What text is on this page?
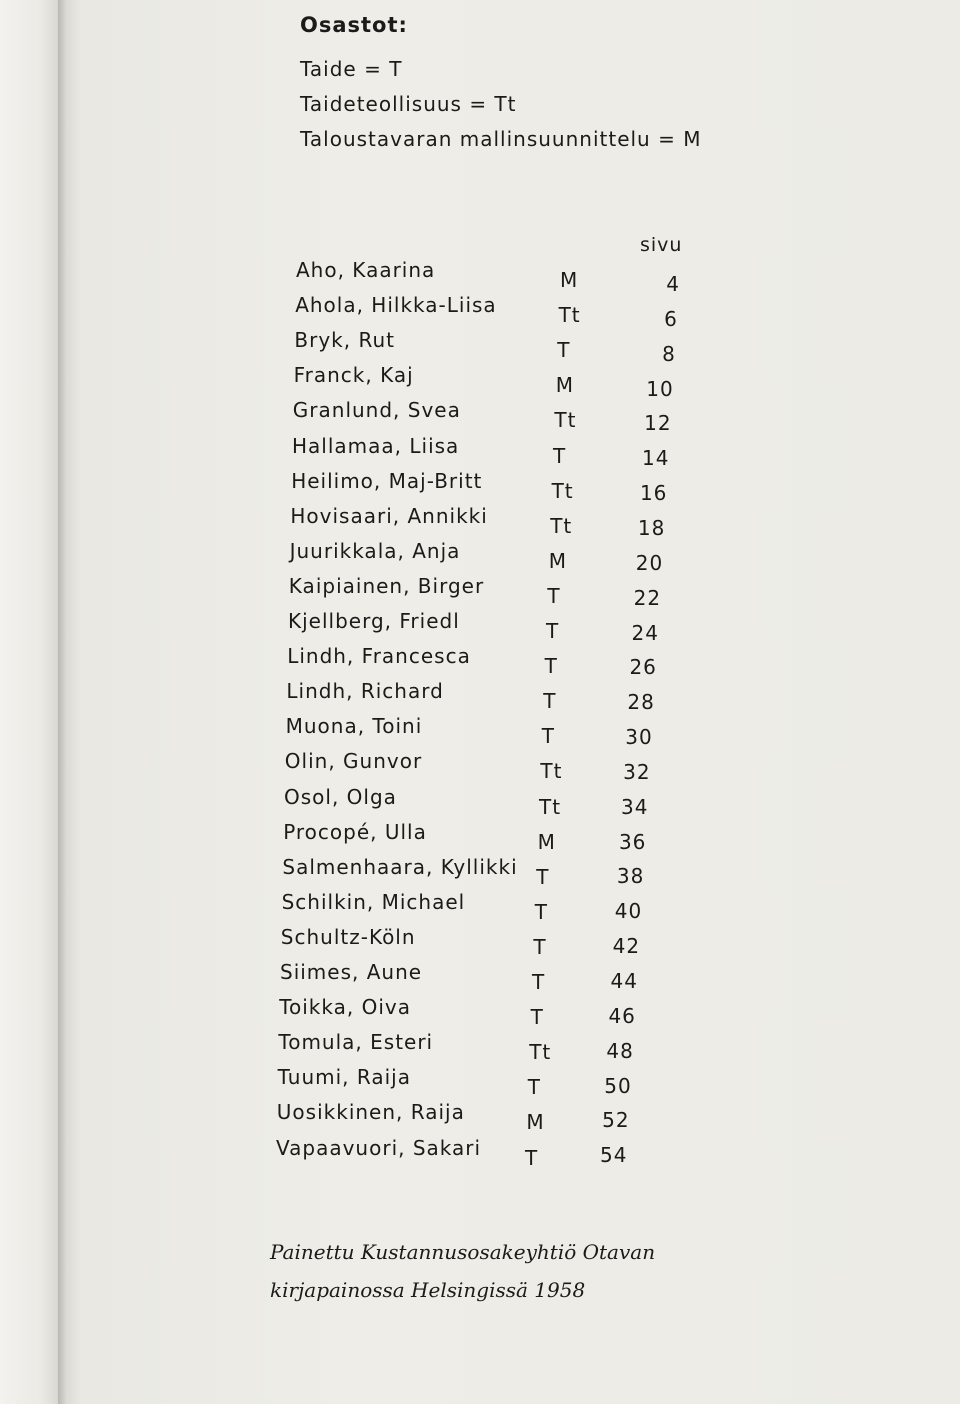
Osastot:
Taide = T
Taideteollisuus = Tt
Taloustavaran mallinsuunnittelu = M
sivu
Aho, Kaarina	M	4
Ahola, Hilkka-Liisa	Tt	6
Bryk, Rut	T	8
Franck, Kaj	M	10
Granlund, Svea	Tt	12
Hallamaa, Liisa	T	14
Heilimo, Maj-Britt	Tt	16
Hovisaari, Annikki	Tt	18
Juurikkala, Anja	M	20
Kaipiainen, Birger	T	22
Kjellberg, Friedl	T	24
Lindh, Francesca	T	26
Lindh, Richard	T	28
Muona, Toini	T	30
Olin, Gunvor	Tt	32
Osol, Olga	Tt	34
Procopé, Ulla	M	36
Salmenhaara, Kyllikki T	38
Schilkin, Michael	T	40
Schultz-Köln	T	42
Siimes, Aune	T	44
Toikka, Oiva	T	46
Tomula, Esteri	Tt	48
Tuumi, Raija	T	50
Uosikkinen, Raija	M	52
Vapaavuori, Sakari T	54
Painettu Kustannusosakeyhtiö Otavan
kirjapainossa Helsingissä 1958
